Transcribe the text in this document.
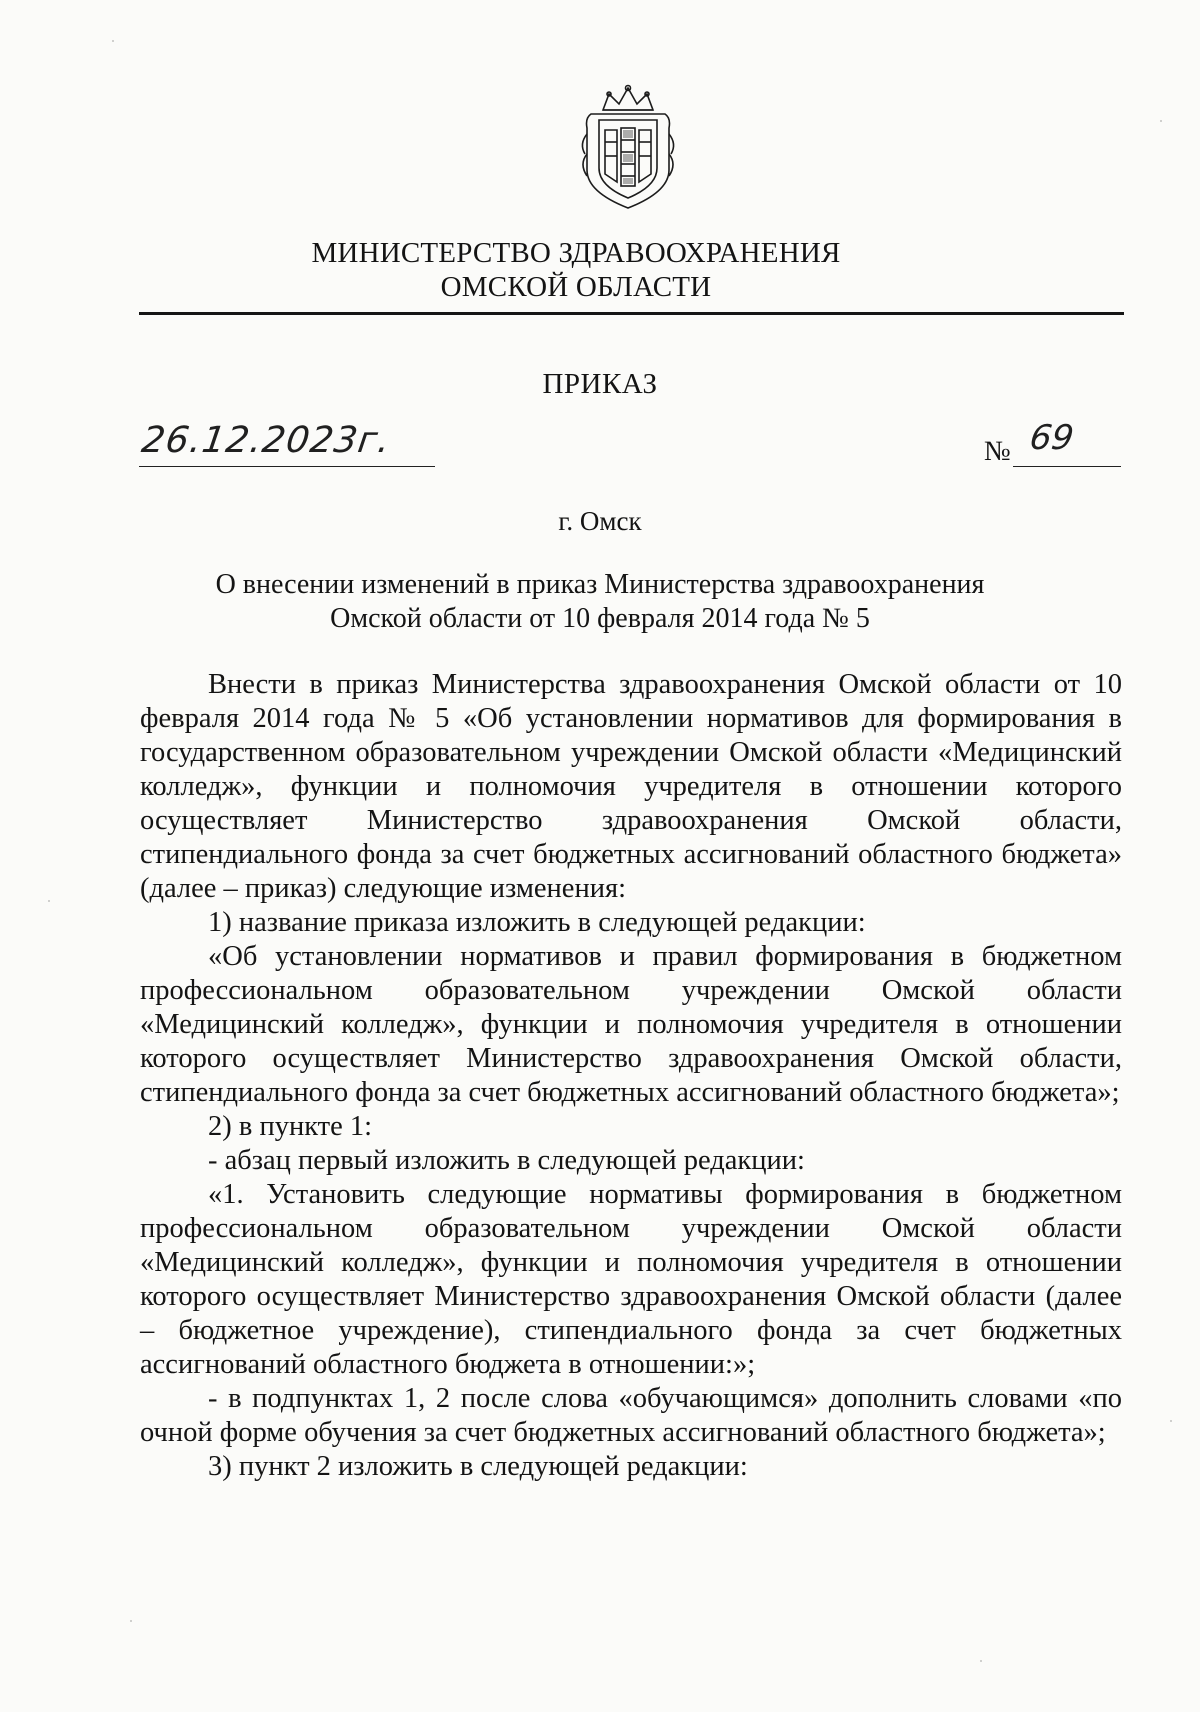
МИНИСТЕРСТВО ЗДРАВООХРАНЕНИЯ
ОМСКОЙ ОБЛАСТИ
ПРИКАЗ
26.12.2023г.	№ 69
г. Омск
О внесении изменений в приказ Министерства здравоохранения
Омской области от 10 февраля 2014 года № 5

Внести в приказ Министерства здравоохранения Омской области от 10 февраля 2014 года № 5 «Об установлении нормативов для формирования в государственном образовательном учреждении Омской области «Медицинский колледж», функции и полномочия учредителя в отношении которого осуществляет Министерство здравоохранения Омской области, стипендиального фонда за счет бюджетных ассигнований областного бюджета» (далее – приказ) следующие изменения:

1) название приказа изложить в следующей редакции:

«Об установлении нормативов и правил формирования в бюджетном профессиональном образовательном учреждении Омской области «Медицинский колледж», функции и полномочия учредителя в отношении которого осуществляет Министерство здравоохранения Омской области, стипендиального фонда за счет бюджетных ассигнований областного бюджета»;

2) в пункте 1:

- абзац первый изложить в следующей редакции:

«1. Установить следующие нормативы формирования в бюджетном профессиональном образовательном учреждении Омской области «Медицинский колледж», функции и полномочия учредителя в отношении которого осуществляет Министерство здравоохранения Омской области (далее – бюджетное учреждение), стипендиального фонда за счет бюджетных ассигнований областного бюджета в отношении:»;

- в подпунктах 1, 2 после слова «обучающимся» дополнить словами «по очной форме обучения за счет бюджетных ассигнований областного бюджета»;

3) пункт 2 изложить в следующей редакции:
